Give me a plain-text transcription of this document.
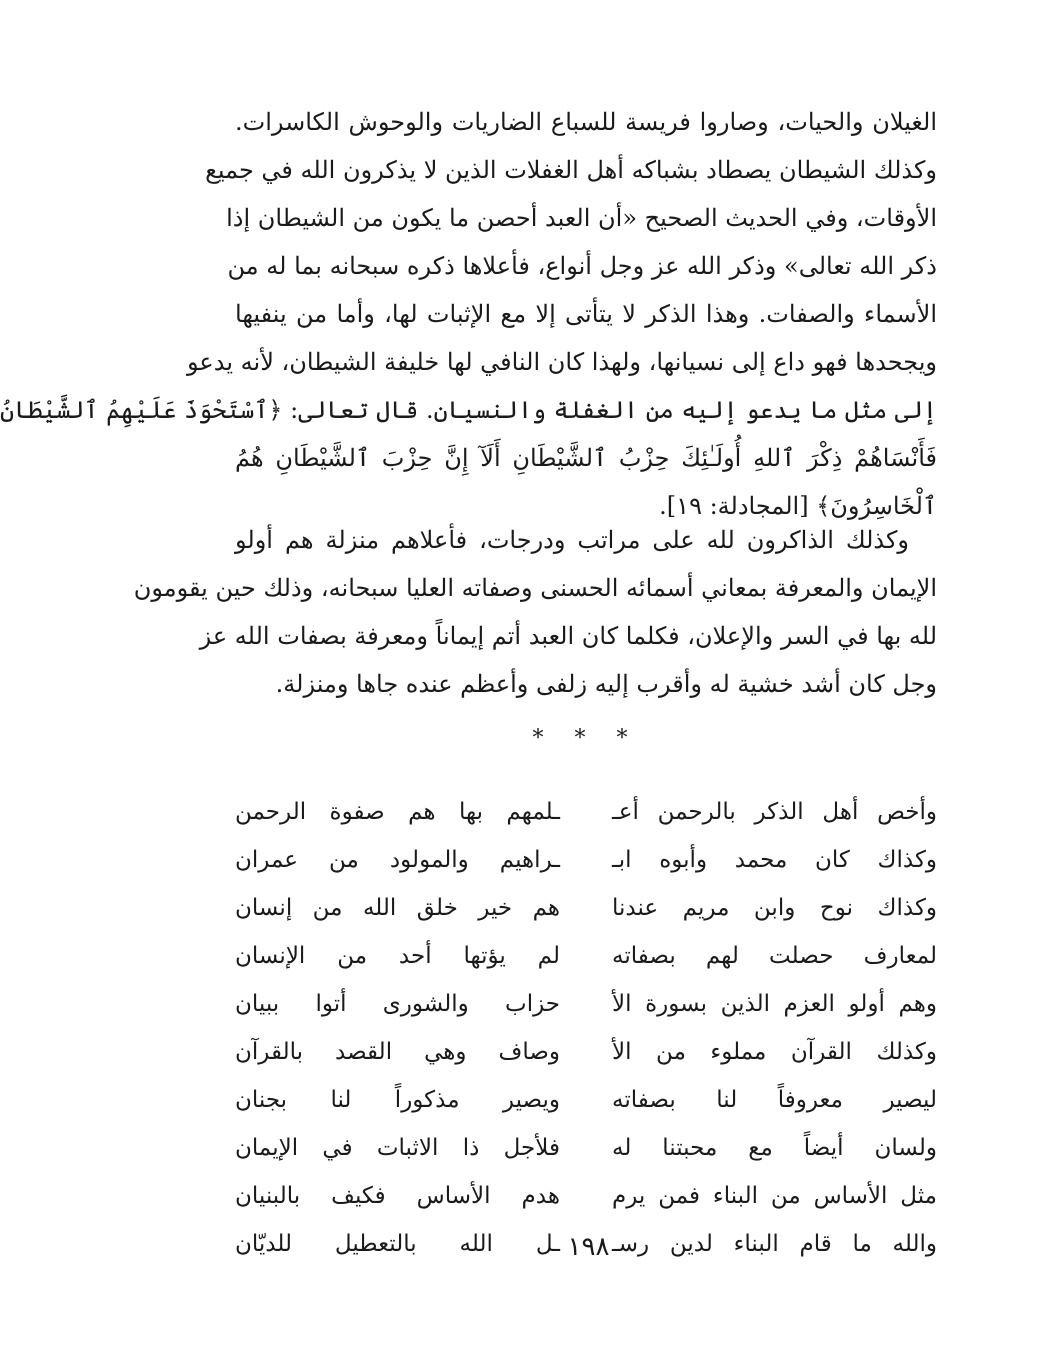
الغيلان والحيات، وصاروا فريسة للسباع الضاريات والوحوش الكاسرات.
وكذلك الشيطان يصطاد بشباكه أهل الغفلات الذين لا يذكرون الله في جميع
الأوقات، وفي الحديث الصحيح «أن العبد أحصن ما يكون من الشيطان إذا
ذكر الله تعالى» وذكر الله عز وجل أنواع، فأعلاها ذكره سبحانه بما له من
الأسماء والصفات. وهذا الذكر لا يتأتى إلا مع الإثبات لها، وأما من ينفيها
ويجحدها فهو داع إلى نسيانها، ولهذا كان النافي لها خليفة الشيطان، لأنه يدعو
إلى مثل ما يدعو إليه من الغفلة والنسيان. قال تعالى: ﴿ٱسْتَحْوَذَ عَلَيْهِمُ ٱلشَّيْطَانُ
فَأَنْسَاهُمْ ذِكْرَ ٱللهِ أُولَـٰئِكَ حِزْبُ ٱلشَّيْطَانِ أَلَآ إِنَّ حِزْبَ ٱلشَّيْطَانِ هُمُ
ٱلْخَاسِرُونَ﴾ [المجادلة: ١٩].
وكذلك الذاكرون لله على مراتب ودرجات، فأعلاهم منزلة هم أولو
الإيمان والمعرفة بمعاني أسمائه الحسنى وصفاته العليا سبحانه، وذلك حين يقومون
لله بها في السر والإعلان، فكلما كان العبد أتم إيماناً ومعرفة بصفات الله عز
وجل كان أشد خشية له وأقرب إليه زلفى وأعظم عنده جاها ومنزلة.
* * *
وأخص أهل الذكر بالرحمن أعـ
ـلمهم بها هم صفوة الرحمن
وكذاك كان محمد وأبوه ابـ
ـراهيم والمولود من عمران
وكذاك نوح وابن مريم عندنا
هم خير خلق الله من إنسان
لمعارف حصلت لهم بصفاته
لم يؤتها أحد من الإنسان
وهم أولو العزم الذين بسورة الأ
حزاب والشورى أتوا ببيان
وكذلك القرآن مملوء من الأ
وصاف وهي القصد بالقرآن
ليصير معروفاً لنا بصفاته
ويصير مذكوراً لنا بجنان
ولسان أيضاً مع محبتنا له
فلأجل ذا الاثبات في الإيمان
مثل الأساس من البناء فمن يرم
هدم الأساس فكيف بالبنيان
والله ما قام البناء لدين رسـ
ـل الله بالتعطيل للديّان ١٩٨
